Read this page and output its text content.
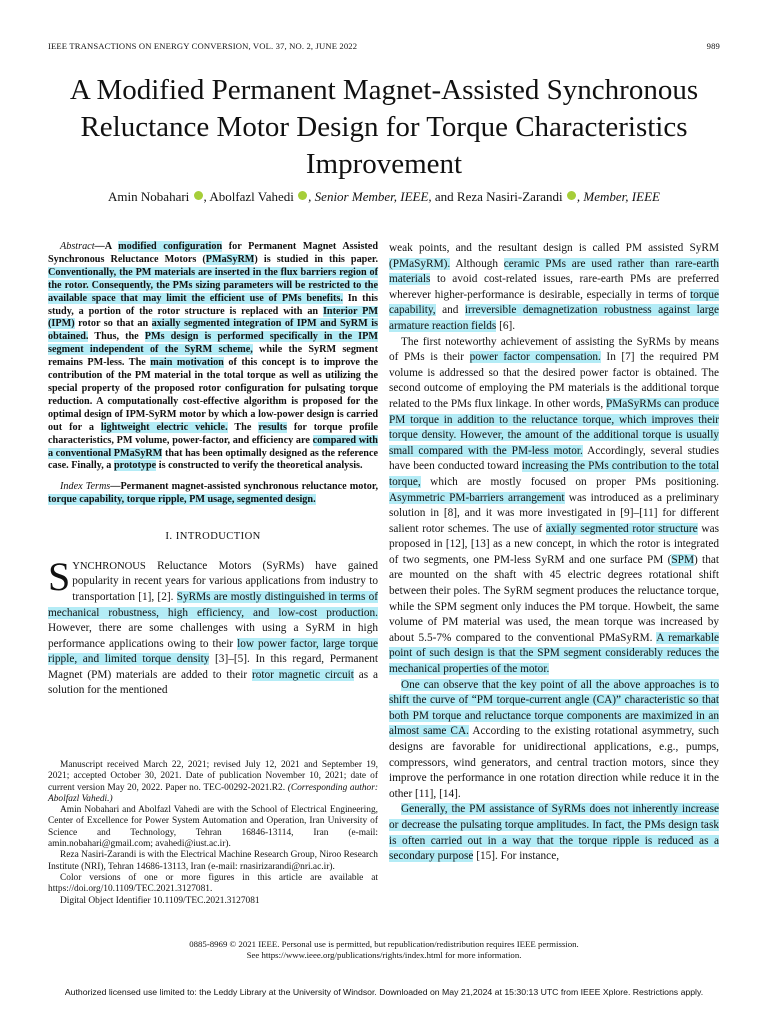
IEEE TRANSACTIONS ON ENERGY CONVERSION, VOL. 37, NO. 2, JUNE 2022	989
A Modified Permanent Magnet-Assisted Synchronous Reluctance Motor Design for Torque Characteristics Improvement
Amin Nobahari , Abolfazl Vahedi , Senior Member, IEEE, and Reza Nasiri-Zarandi , Member, IEEE

Abstract—A modified configuration for Permanent Magnet Assisted Synchronous Reluctance Motors (PMaSyRM) is studied in this paper. Conventionally, the PM materials are inserted in the flux barriers region of the rotor. Consequently, the PMs sizing parameters will be restricted to the available space that may limit the efficient use of PMs benefits. In this study, a portion of the rotor structure is replaced with an Interior PM (IPM) rotor so that an axially segmented integration of IPM and SyRM is obtained. Thus, the PMs design is performed specifically in the IPM segment independent of the SyRM scheme, while the SyRM segment remains PM-less. The main motivation of this concept is to improve the contribution of the PM material in the total torque as well as utilizing the special property of the proposed rotor configuration for pulsating torque reduction. A computationally cost-effective algorithm is proposed for the optimal design of IPM-SyRM motor by which a low-power design is carried out for a lightweight electric vehicle. The results for torque profile characteristics, PM volume, power-factor, and efficiency are compared with a conventional PMaSyRM that has been optimally designed as the reference case. Finally, a prototype is constructed to verify the theoretical analysis.

Index Terms—Permanent magnet-assisted synchronous reluctance motor, torque capability, torque ripple, PM usage, segmented design.

I. INTRODUCTION

SYNCHRONOUS Reluctance Motors (SyRMs) have gained popularity in recent years for various applications from industry to transportation [1], [2]. SyRMs are mostly distinguished in terms of mechanical robustness, high efficiency, and low-cost production. However, there are some challenges with using a SyRM in high performance applications owing to their low power factor, large torque ripple, and limited torque density [3]–[5]. In this regard, Permanent Magnet (PM) materials are added to their rotor magnetic circuit as a solution for the mentioned

Manuscript received March 22, 2021; revised July 12, 2021 and September 19, 2021; accepted October 30, 2021. Date of publication November 10, 2021; date of current version May 20, 2022. Paper no. TEC-00292-2021.R2. (Corresponding author: Abolfazl Vahedi.)

Amin Nobahari and Abolfazl Vahedi are with the School of Electrical Engineering, Center of Excellence for Power System Automation and Operation, Iran University of Science and Technology, Tehran 16846-13114, Iran (e-mail: amin.nobahari@gmail.com; avahedi@iust.ac.ir).

Reza Nasiri-Zarandi is with the Electrical Machine Research Group, Niroo Research Institute (NRI), Tehran 14686-13113, Iran (e-mail: rnasirizarandi@nri.ac.ir).

Color versions of one or more figures in this article are available at https://doi.org/10.1109/TEC.2021.3127081.

Digital Object Identifier 10.1109/TEC.2021.3127081

weak points, and the resultant design is called PM assisted SyRM (PMaSyRM). Although ceramic PMs are used rather than rare-earth materials to avoid cost-related issues, rare-earth PMs are preferred wherever higher-performance is desirable, especially in terms of torque capability, and irreversible demagnetization robustness against large armature reaction fields [6].

The first noteworthy achievement of assisting the SyRMs by means of PMs is their power factor compensation. In [7] the required PM volume is addressed so that the desired power factor is obtained. The second outcome of employing the PM materials is the additional torque related to the PMs flux linkage. In other words, PMaSyRMs can produce PM torque in addition to the reluctance torque, which improves their torque density. However, the amount of the additional torque is usually small compared with the PM-less motor. Accordingly, several studies have been conducted toward increasing the PMs contribution to the total torque, which are mostly focused on proper PMs positioning. Asymmetric PM-barriers arrangement was introduced as a preliminary solution in [8], and it was more investigated in [9]–[11] for different salient rotor schemes. The use of axially segmented rotor structure was proposed in [12], [13] as a new concept, in which the rotor is integrated of two segments, one PM-less SyRM and one surface PM (SPM) that are mounted on the shaft with 45 electric degrees rotational shift between their poles. The SyRM segment produces the reluctance torque, while the SPM segment only induces the PM torque. Howbeit, the same volume of PM material was used, the mean torque was increased by about 5.5-7% compared to the conventional PMaSyRM. A remarkable point of such design is that the SPM segment considerably reduces the mechanical properties of the motor.

One can observe that the key point of all the above approaches is to shift the curve of “PM torque-current angle (CA)” characteristic so that both PM torque and reluctance torque components are maximized in an almost same CA. According to the existing rotational asymmetry, such designs are favorable for unidirectional applications, e.g., pumps, compressors, wind generators, and central traction motors, since they improve the performance in one rotation direction while reduce it in the other [11], [14].

Generally, the PM assistance of SyRMs does not inherently increase or decrease the pulsating torque amplitudes. In fact, the PMs design task is often carried out in a way that the torque ripple is reduced as a secondary purpose [15]. For instance,

0885-8969 © 2021 IEEE. Personal use is permitted, but republication/redistribution requires IEEE permission.
See https://www.ieee.org/publications/rights/index.html for more information.
Authorized licensed use limited to: the Leddy Library at the University of Windsor. Downloaded on May 21,2024 at 15:30:13 UTC from IEEE Xplore. Restrictions apply.
